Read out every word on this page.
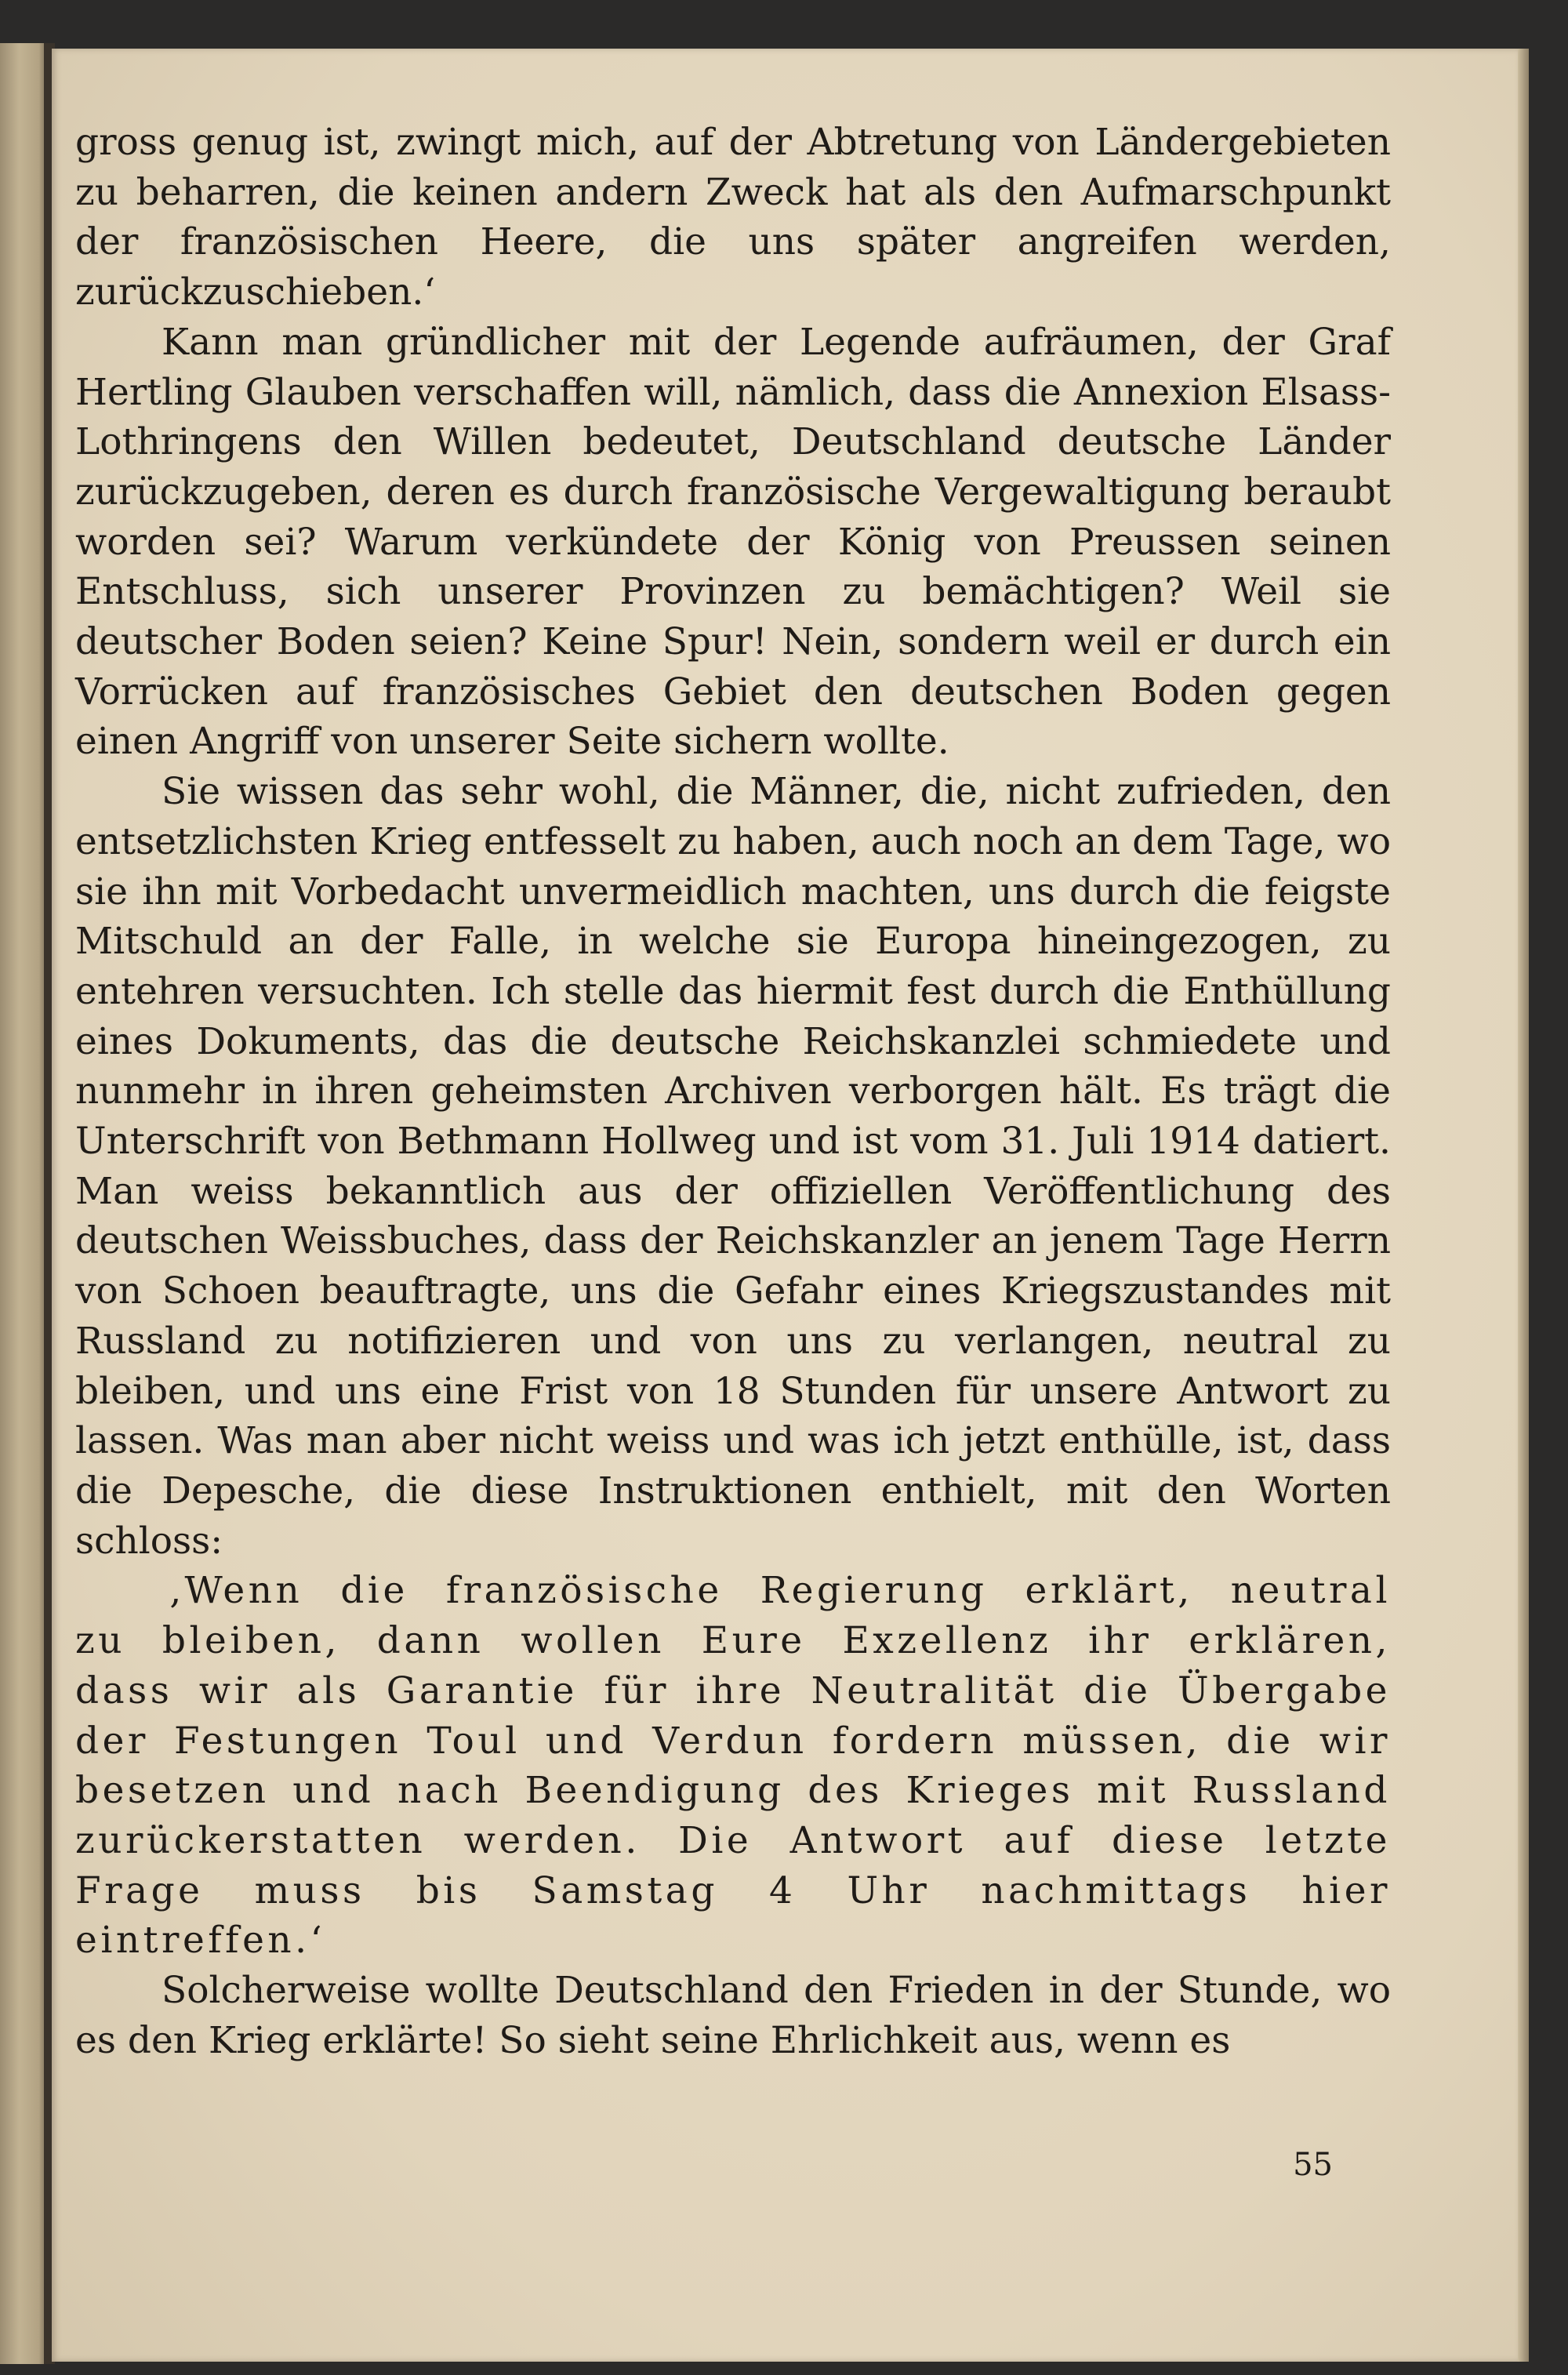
gross genug ist, zwingt mich, auf der Abtretung von Ländergebieten zu beharren, die keinen andern Zweck hat als den Aufmarschpunkt der französischen Heere, die uns später angreifen werden, zurückzuschieben.‘

Kann man gründlicher mit der Legende aufräumen, der Graf Hertling Glauben verschaffen will, nämlich, dass die Annexion Elsass-Lothringens den Willen bedeutet, Deutschland deutsche Länder zurückzugeben, deren es durch französische Vergewaltigung beraubt worden sei? Warum verkündete der König von Preussen seinen Entschluss, sich unserer Provinzen zu bemächtigen? Weil sie deutscher Boden seien? Keine Spur! Nein, sondern weil er durch ein Vorrücken auf französisches Gebiet den deutschen Boden gegen einen Angriff von unserer Seite sichern wollte.

Sie wissen das sehr wohl, die Männer, die, nicht zufrieden, den entsetzlichsten Krieg entfesselt zu haben, auch noch an dem Tage, wo sie ihn mit Vorbedacht unvermeidlich machten, uns durch die feigste Mitschuld an der Falle, in welche sie Europa hineingezogen, zu entehren versuchten. Ich stelle das hiermit fest durch die Enthüllung eines Dokuments, das die deutsche Reichskanzlei schmiedete und nunmehr in ihren geheimsten Archiven verborgen hält. Es trägt die Unterschrift von Bethmann Hollweg und ist vom 31. Juli 1914 datiert. Man weiss bekanntlich aus der offiziellen Veröffentlichung des deutschen Weissbuches, dass der Reichskanzler an jenem Tage Herrn von Schoen beauftragte, uns die Gefahr eines Kriegszustandes mit Russland zu notifizieren und von uns zu verlangen, neutral zu bleiben, und uns eine Frist von 18 Stunden für unsere Antwort zu lassen. Was man aber nicht weiss und was ich jetzt enthülle, ist, dass die Depesche, die diese Instruktionen enthielt, mit den Worten schloss:

‚Wenn die französische Regierung erklärt, neutral zu bleiben, dann wollen Eure Exzellenz ihr erklären, dass wir als Garantie für ihre Neutralität die Übergabe der Festungen Toul und Verdun fordern müssen, die wir besetzen und nach Beendigung des Krieges mit Russland zurückerstatten werden. Die Antwort auf diese letzte Frage muss bis Samstag 4 Uhr nachmittags hier eintreffen.‘

Solcherweise wollte Deutschland den Frieden in der Stunde, wo es den Krieg erklärte! So sieht seine Ehrlichkeit aus, wenn es

55
